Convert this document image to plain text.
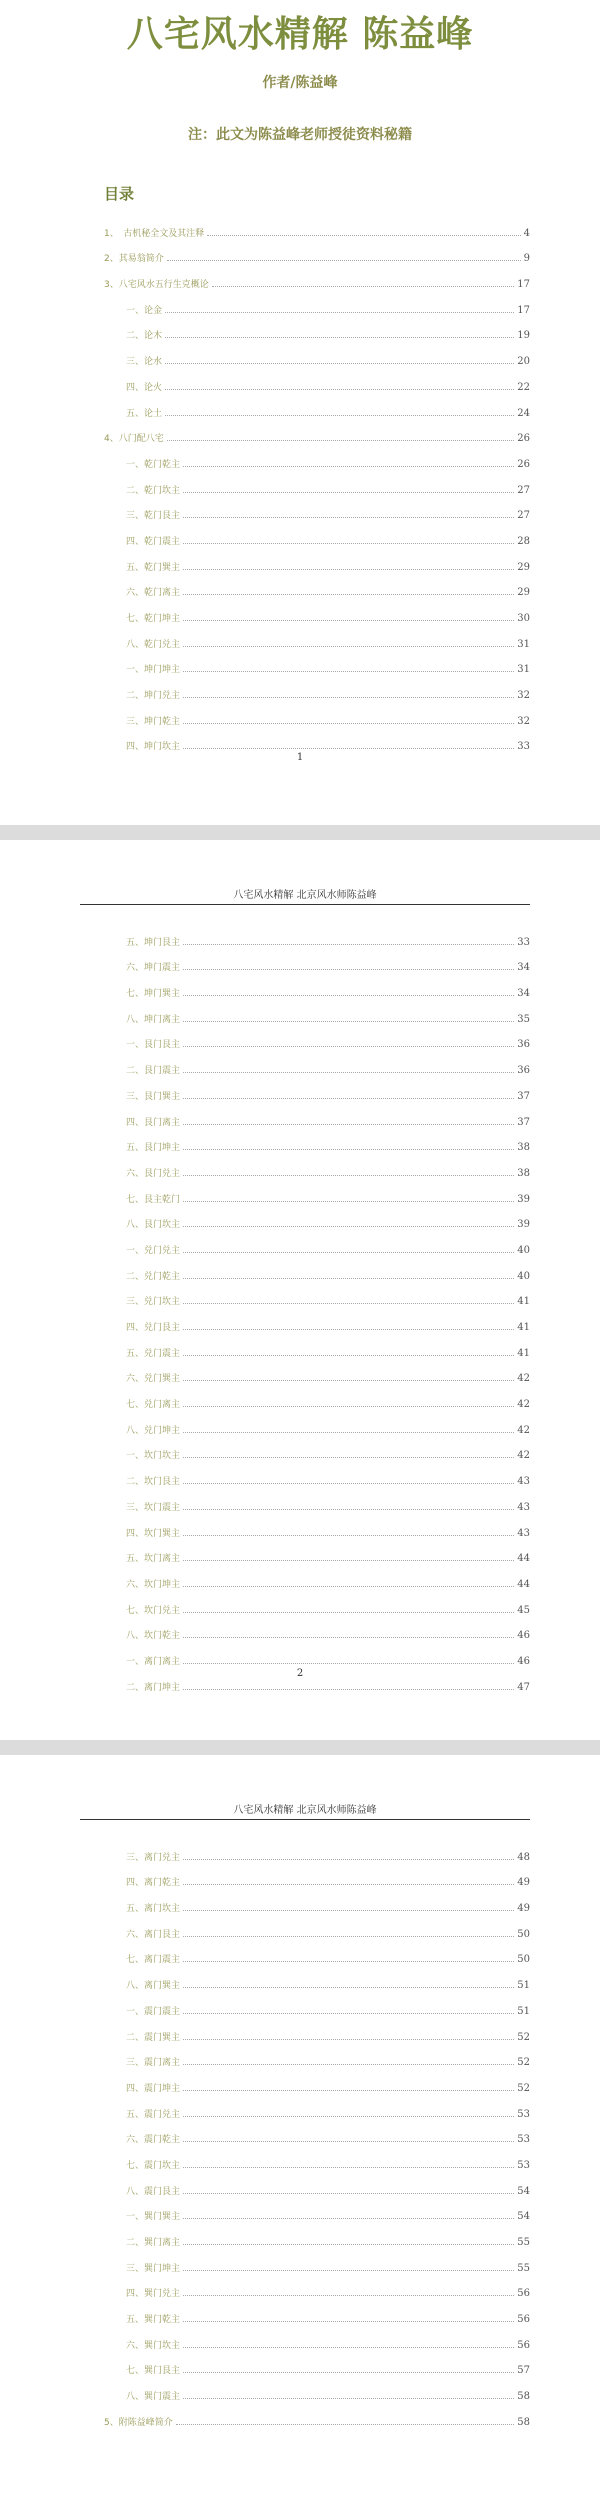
八宅风水精解 陈益峰

作者/陈益峰

注：此文为陈益峰老师授徒资料秘籍

目录
1、　古机秘全文及其注释	4
2、其易翁简介	9
3、八宅风水五行生克概论	17
一、论金	17
二、论木	19
三、论水	20
四、论火	22
五、论土	24
4、八门配八宅	26
一、乾门乾主	26
二、乾门坎主	27
三、乾门艮主	27
四、乾门震主	28
五、乾门巽主	29
六、乾门离主	29
七、乾门坤主	30
八、乾门兑主	31
一、坤门坤主	31
二、坤门兑主	32
三、坤门乾主	32
四、坤门坎主	33
1
八宅风水精解 北京风水师陈益峰
五、坤门艮主	33
六、坤门震主	34
七、坤门巽主	34
八、坤门离主	35
一、艮门艮主	36
二、艮门震主	36
三、艮门巽主	37
四、艮门离主	37
五、艮门坤主	38
六、艮门兑主	38
七、艮主乾门	39
八、艮门坎主	39
一、兑门兑主	40
二、兑门乾主	40
三、兑门坎主	41
四、兑门艮主	41
五、兑门震主	41
六、兑门巽主	42
七、兑门离主	42
八、兑门坤主	42
一、坎门坎主	42
二、坎门艮主	43
三、坎门震主	43
四、坎门巽主	43
五、坎门离主	44
六、坎门坤主	44
七、坎门兑主	45
八、坎门乾主	46
一、离门离主	46
二、离门坤主	47
2
八宅风水精解 北京风水师陈益峰
三、离门兑主	48
四、离门乾主	49
五、离门坎主	49
六、离门艮主	50
七、离门震主	50
八、离门巽主	51
一、震门震主	51
二、震门巽主	52
三、震门离主	52
四、震门坤主	52
五、震门兑主	53
六、震门乾主	53
七、震门坎主	53
八、震门艮主	54
一、巽门巽主	54
二、巽门离主	55
三、巽门坤主	55
四、巽门兑主	56
五、巽门乾主	56
六、巽门坎主	56
七、巽门艮主	57
八、巽门震主	58
5、附陈益峰简介	58
